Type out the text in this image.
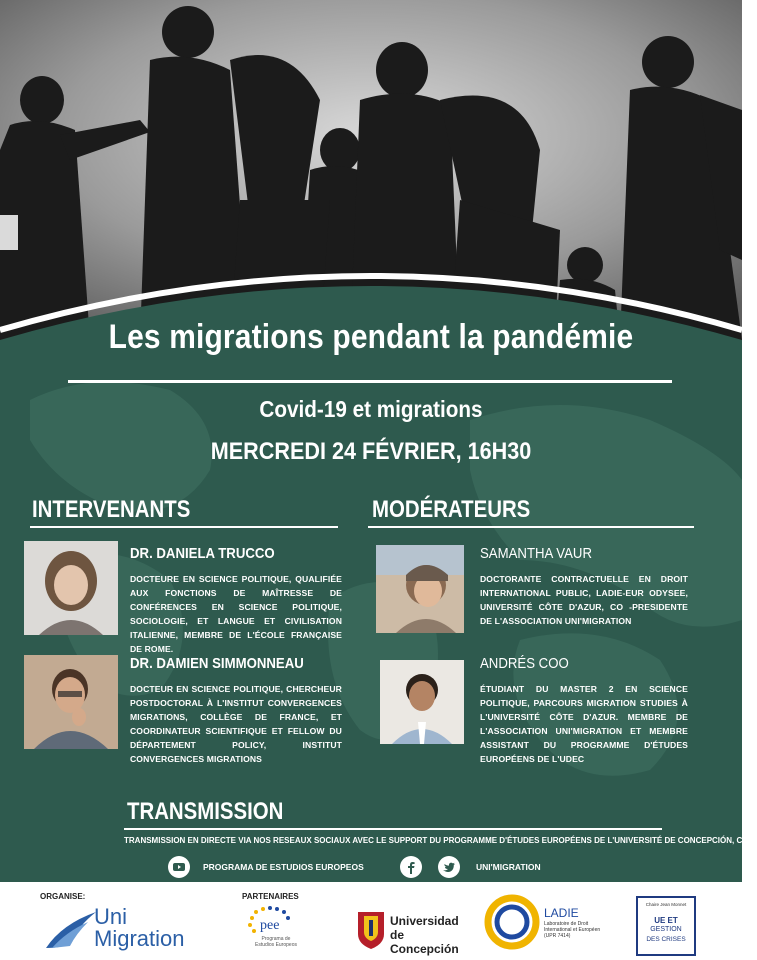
Les migrations pendant la pandémie
Covid-19 et migrations
MERCREDI 24 FÉVRIER, 16H30
INTERVENANTS	MODÉRATEURS
DR. DANIELA TRUCCO
DOCTEURE EN SCIENCE POLITIQUE, QUALIFIÉE AUX FONCTIONS DE MAÎTRESSE DE CONFÉRENCES EN SCIENCE POLITIQUE, SOCIOLOGIE, ET LANGUE ET CIVILISATION ITALIENNE, MEMBRE DE L'ÉCOLE FRANÇAISE DE ROME.
DR. DAMIEN SIMMONNEAU
DOCTEUR EN SCIENCE POLITIQUE, CHERCHEUR POSTDOCTORAL À L'INSTITUT CONVERGENCES MIGRATIONS, COLLÈGE DE FRANCE, ET COORDINATEUR SCIENTIFIQUE ET FELLOW DU DÉPARTEMENT POLICY, INSTITUT CONVERGENCES MIGRATIONS
SAMANTHA VAUR
DOCTORANTE CONTRACTUELLE EN DROIT INTERNATIONAL PUBLIC, LADIE-EUR ODYSEE, UNIVERSITÉ CÔTE D'AZUR, CO -PRESIDENTE DE L'ASSOCIATION UNI'MIGRATION
ANDRÉS COO
ÉTUDIANT DU MASTER 2 EN SCIENCE POLITIQUE, PARCOURS MIGRATION STUDIES À L'UNIVERSITÉ CÔTE D'AZUR. MEMBRE DE L'ASSOCIATION UNI'MIGRATION ET MEMBRE ASSISTANT DU PROGRAMME D'ÉTUDES EUROPÉENS DE L'UDEC
TRANSMISSION
TRANSMISSION EN DIRECTE VIA NOS RESEAUX SOCIAUX AVEC LE SUPPORT DU PROGRAMME D'ÉTUDES EUROPÉENS DE L'UNIVERSITÉ DE CONCEPCIÓN, CHILI
PROGRAMA DE ESTUDIOS EUROPEOS	UNI'MIGRATION
ORGANISE:
Uni
Migration
PARTENAIRES
pee
Programa de Estudios Europeos
Universidad
de Concepción
LADIE
Laboratoire de Droit International et Européen (UPR 7414)
Chaire Jean Monnet
UE ET
GESTION
DES CRISES
